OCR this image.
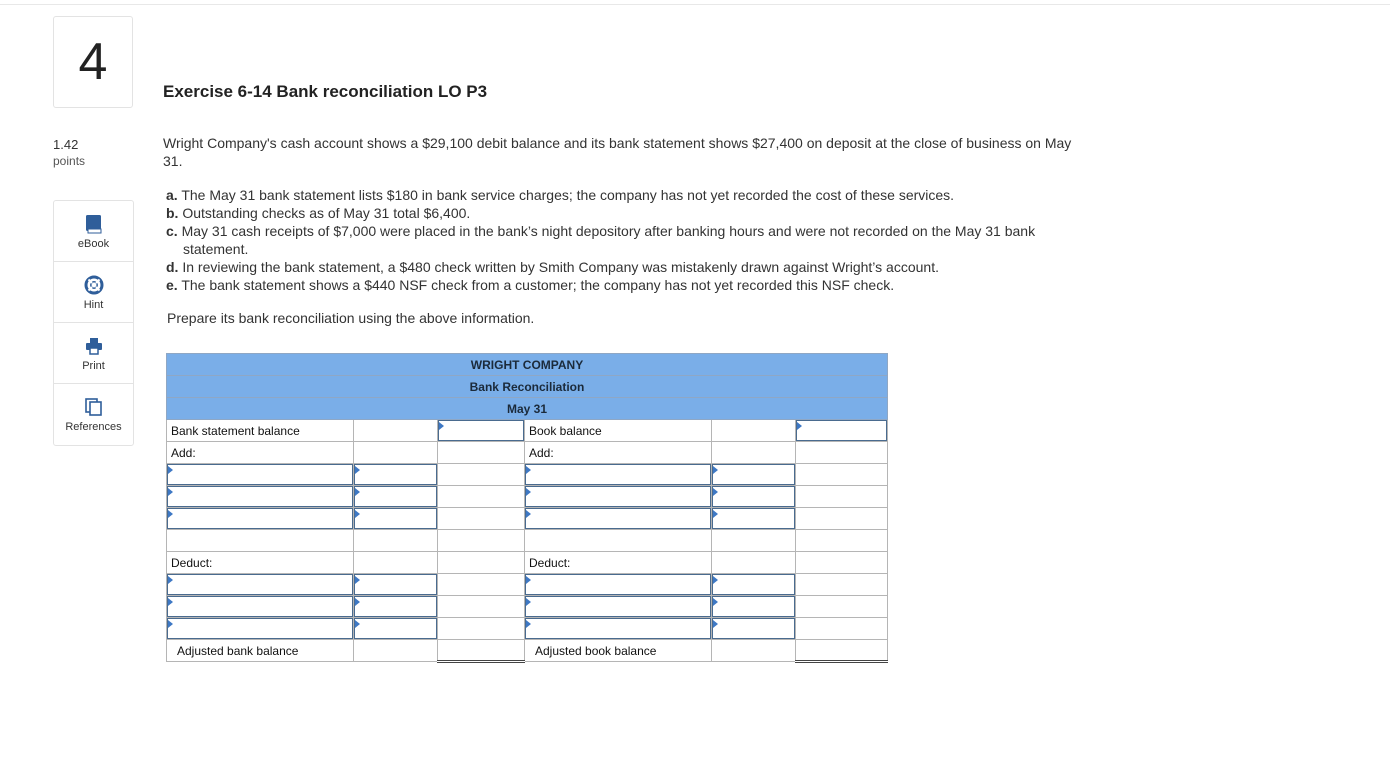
4
1.42
points
eBook
Hint
Print
References
Exercise 6-14 Bank reconciliation LO P3
Wright Company's cash account shows a $29,100 debit balance and its bank statement shows $27,400 on deposit at the close of business on May 31.
a. The May 31 bank statement lists $180 in bank service charges; the company has not yet recorded the cost of these services.
b. Outstanding checks as of May 31 total $6,400.
c. May 31 cash receipts of $7,000 were placed in the bank’s night depository after banking hours and were not recorded on the May 31 bank statement.
d. In reviewing the bank statement, a $480 check written by Smith Company was mistakenly drawn against Wright’s account.
e. The bank statement shows a $440 NSF check from a customer; the company has not yet recorded this NSF check.
Prepare its bank reconciliation using the above information.
WRIGHT COMPANY					
Bank Reconciliation					
May 31					
Bank statement balance			Book balance		

Add:			Add:		

Deduct:			Deduct:		

Adjusted bank balance			Adjusted book balance		
